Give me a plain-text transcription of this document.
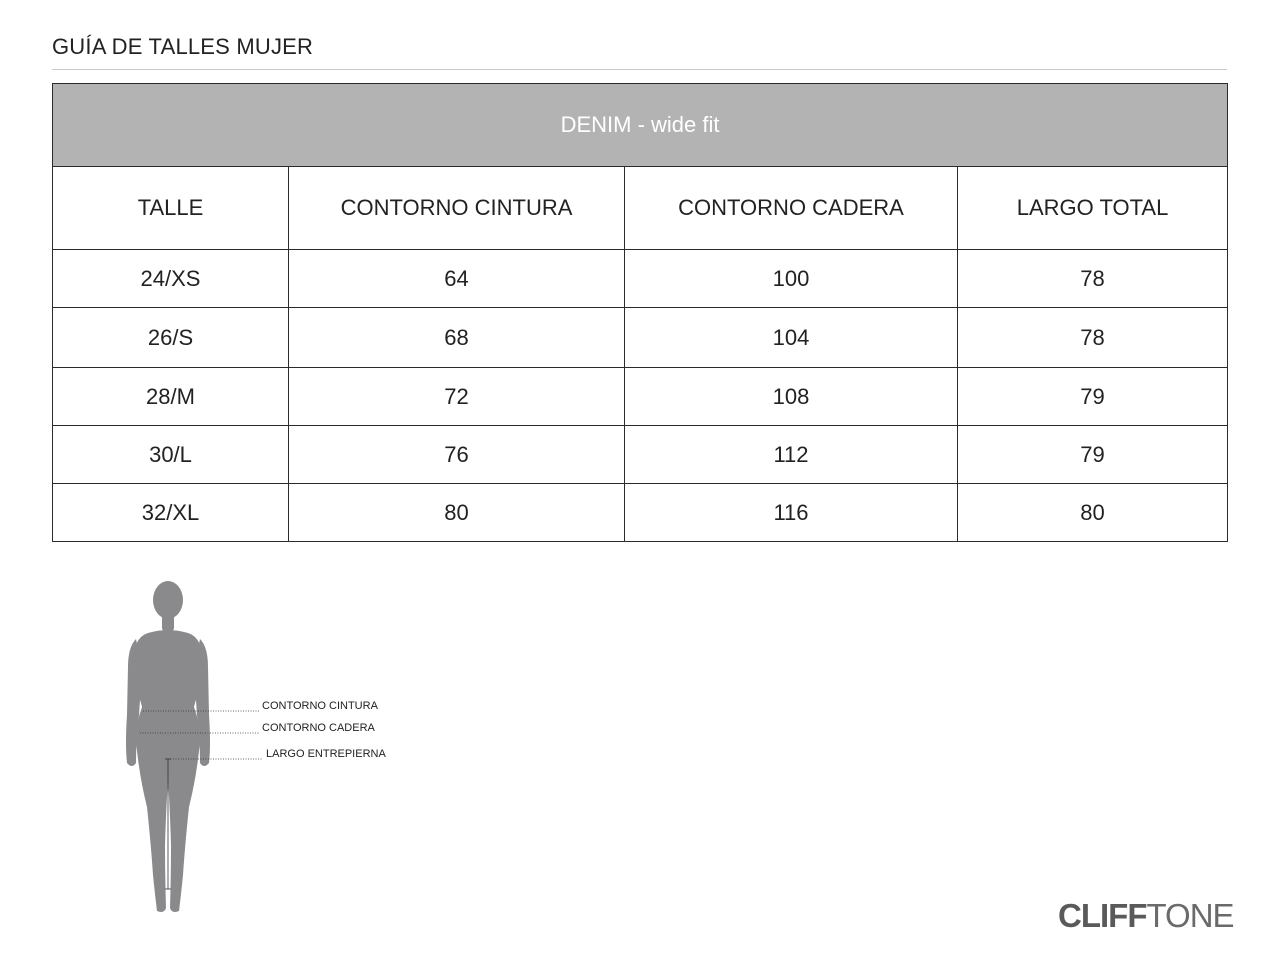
GUÍA DE TALLES MUJER
DENIM - wide fit			
TALLE	CONTORNO CINTURA	CONTORNO CADERA	LARGO TOTAL
24/XS	64	100	78
26/S	68	104	78
28/M	72	108	79
30/L	76	112	79
32/XL	80	116	80
CONTORNO CINTURA
CONTORNO CADERA
LARGO ENTREPIERNA
CLIFFTONE
